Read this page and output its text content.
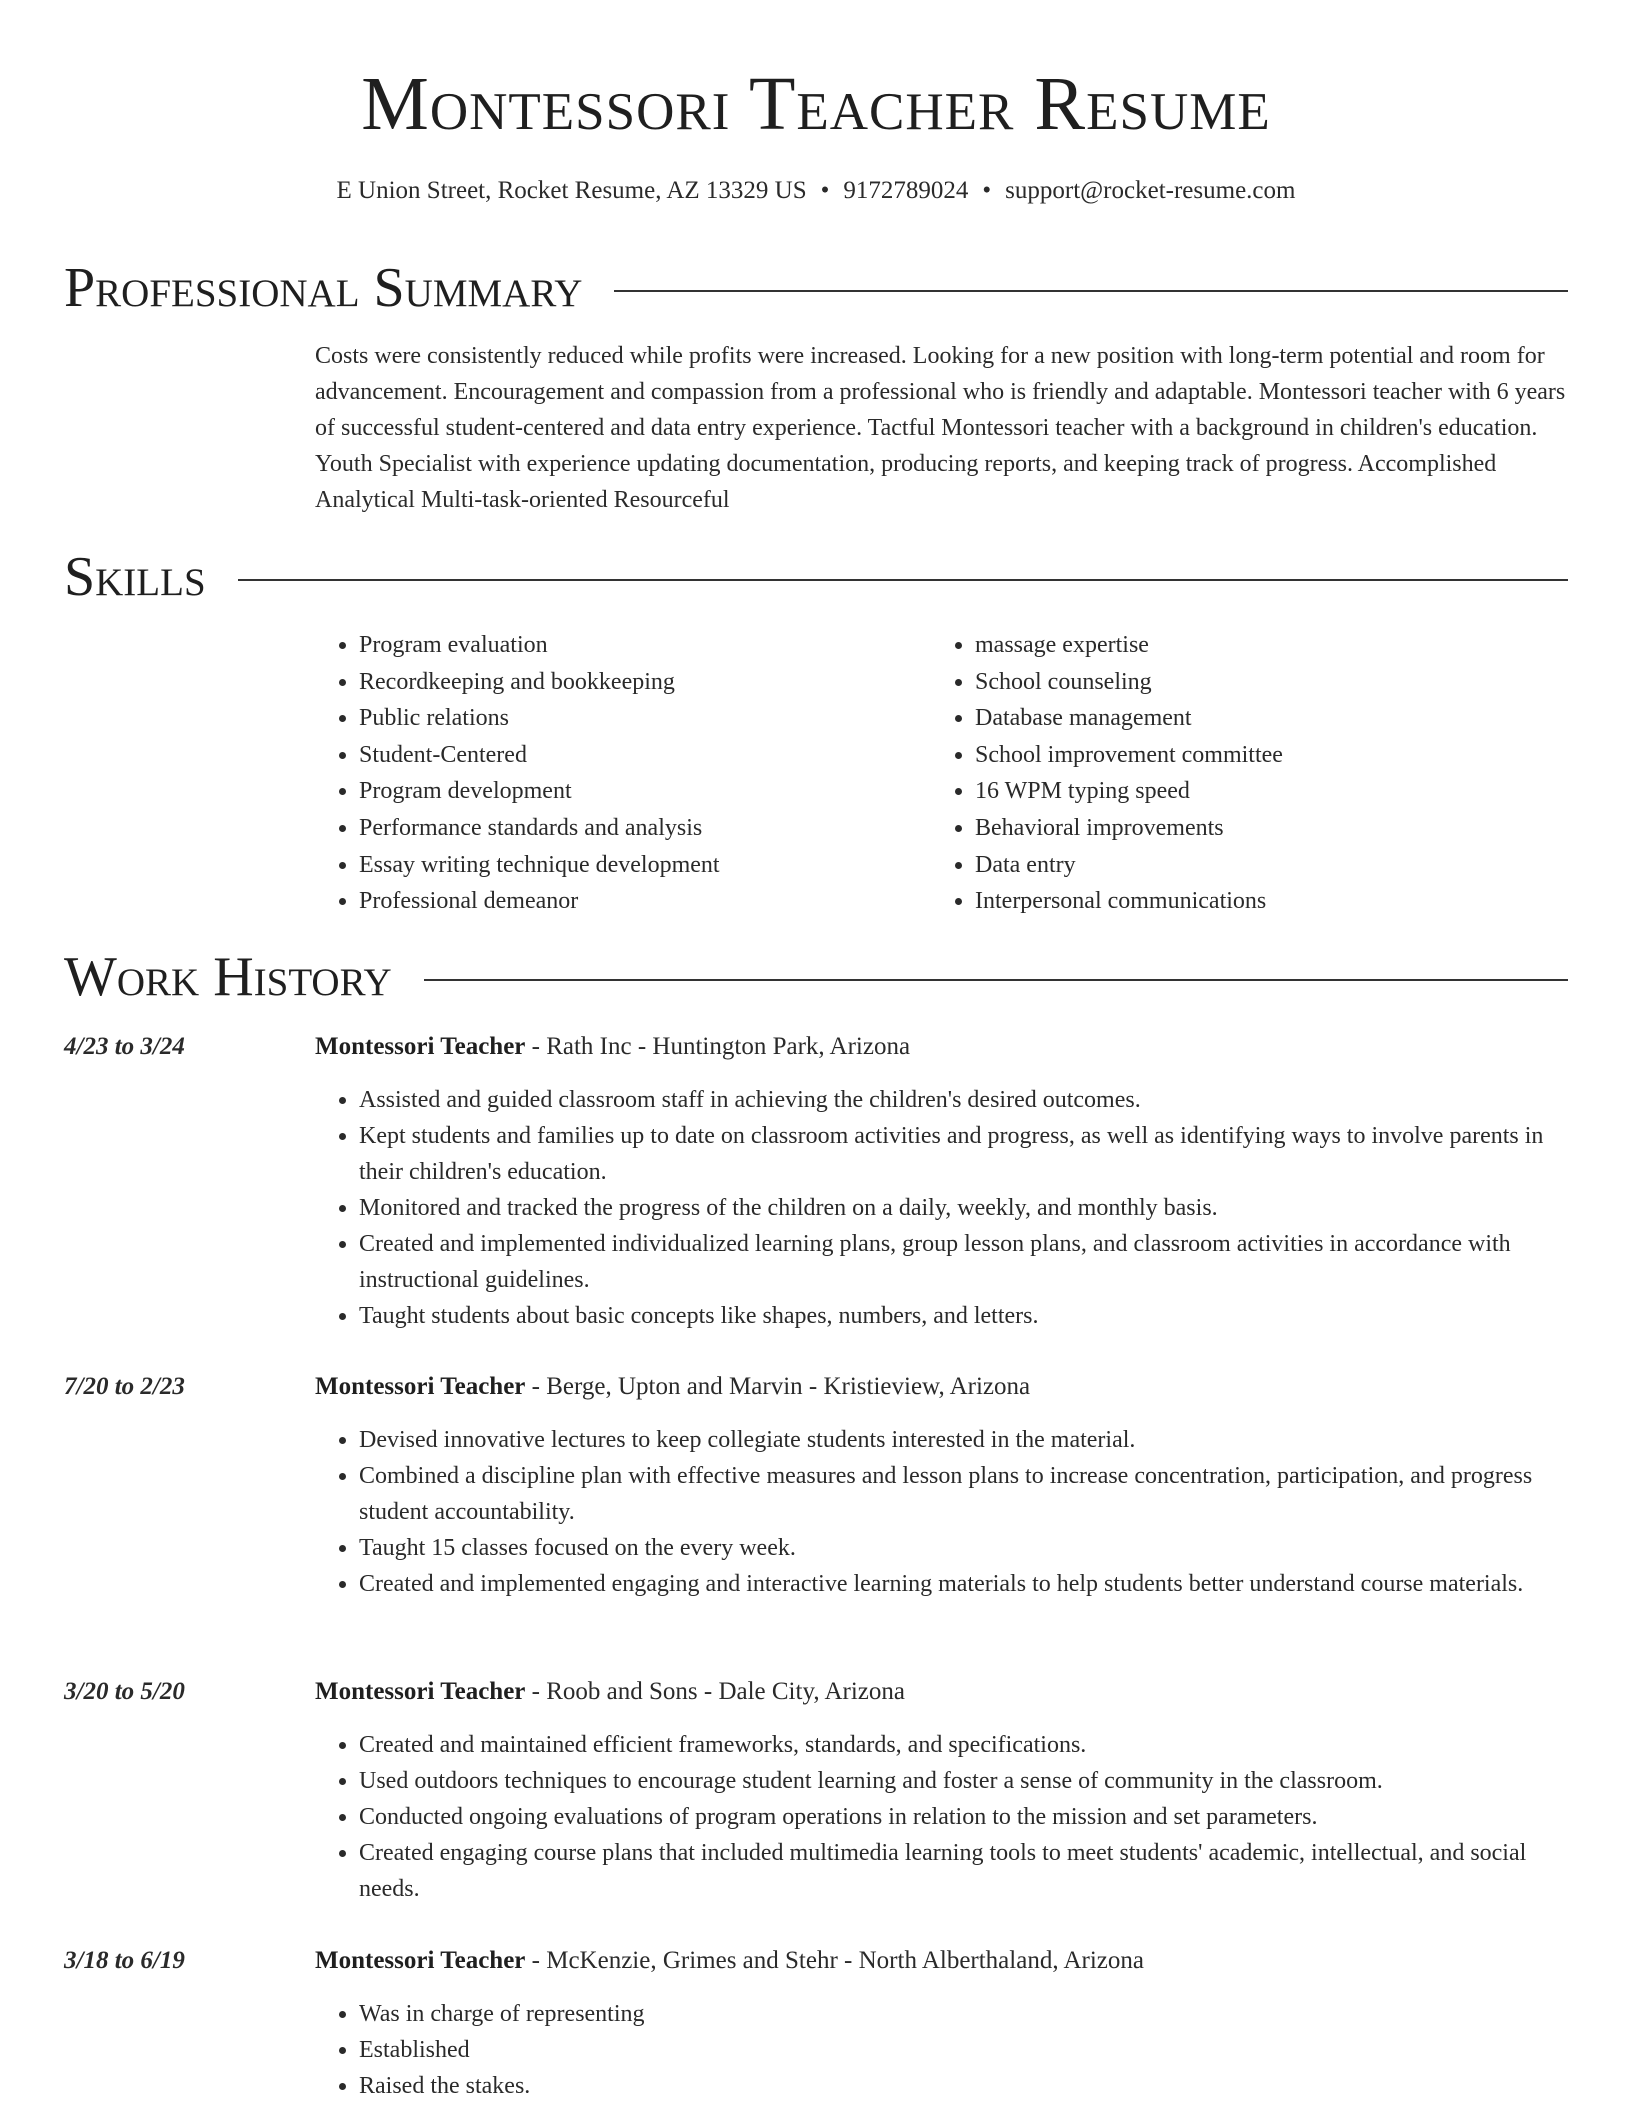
Montessori Teacher Resume
E Union Street, Rocket Resume, AZ 13329 US • 9172789024 • support@rocket-resume.com
Professional Summary

Costs were consistently reduced while profits were increased. Looking for a new position with long-term potential and room for advancement. Encouragement and compassion from a professional who is friendly and adaptable. Montessori teacher with 6 years of successful student-centered and data entry experience. Tactful Montessori teacher with a background in children's education. Youth Specialist with experience updating documentation, producing reports, and keeping track of progress. Accomplished Analytical Multi-task-oriented Resourceful

Skills
• Program evaluation
• Recordkeeping and bookkeeping
• Public relations
• Student-Centered
• Program development
• Performance standards and analysis
• Essay writing technique development
• Professional demeanor
• massage expertise
• School counseling
• Database management
• School improvement committee
• 16 WPM typing speed
• Behavioral improvements
• Data entry
• Interpersonal communications
Work History
4/23 to 3/24	Montessori Teacher - Rath Inc - Huntington Park, Arizona
• Assisted and guided classroom staff in achieving the children's desired outcomes.
• Kept students and families up to date on classroom activities and progress, as well as identifying ways to involve parents in their children's education.
• Monitored and tracked the progress of the children on a daily, weekly, and monthly basis.
• Created and implemented individualized learning plans, group lesson plans, and classroom activities in accordance with instructional guidelines.
• Taught students about basic concepts like shapes, numbers, and letters.
7/20 to 2/23	Montessori Teacher - Berge, Upton and Marvin - Kristieview, Arizona
• Devised innovative lectures to keep collegiate students interested in the material.
• Combined a discipline plan with effective measures and lesson plans to increase concentration, participation, and progress student accountability.
• Taught 15 classes focused on the every week.
• Created and implemented engaging and interactive learning materials to help students better understand course materials.
3/20 to 5/20	Montessori Teacher - Roob and Sons - Dale City, Arizona
• Created and maintained efficient frameworks, standards, and specifications.
• Used outdoors techniques to encourage student learning and foster a sense of community in the classroom.
• Conducted ongoing evaluations of program operations in relation to the mission and set parameters.
• Created engaging course plans that included multimedia learning tools to meet students' academic, intellectual, and social needs.
3/18 to 6/19	Montessori Teacher - McKenzie, Grimes and Stehr - North Alberthaland, Arizona
• Was in charge of representing
• Established
• Raised the stakes.
